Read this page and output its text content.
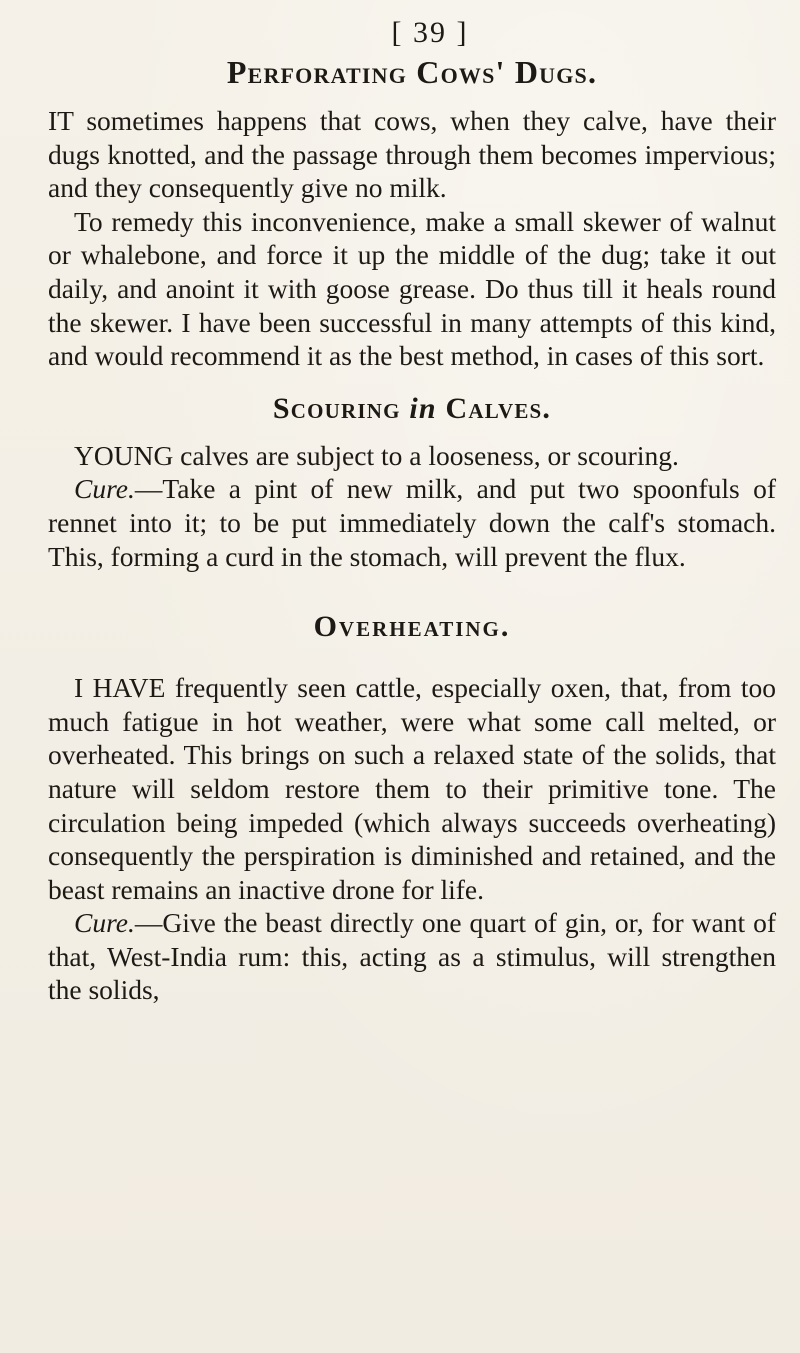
[ 39 ]
Perforating Cows' Dugs.

IT sometimes happens that cows, when they calve, have their dugs knotted, and the passage through them becomes impervious; and they consequently give no milk.

To remedy this inconvenience, make a small skewer of walnut or whalebone, and force it up the middle of the dug; take it out daily, and anoint it with goose grease. Do thus till it heals round the skewer. I have been successful in many attempts of this kind, and would recommend it as the best method, in cases of this sort.

Scouring in Calves.

YOUNG calves are subject to a looseness, or scouring.

Cure.—Take a pint of new milk, and put two spoonfuls of rennet into it; to be put immediately down the calf's stomach. This, forming a curd in the stomach, will prevent the flux.

Overheating.

I HAVE frequently seen cattle, especially oxen, that, from too much fatigue in hot weather, were what some call melted, or overheated. This brings on such a relaxed state of the solids, that nature will seldom restore them to their primitive tone. The circulation being impeded (which always succeeds overheating) consequently the perspiration is diminished and retained, and the beast remains an inactive drone for life.

Cure.—Give the beast directly one quart of gin, or, for want of that, West-India rum: this, acting as a stimulus, will strengthen the solids,
